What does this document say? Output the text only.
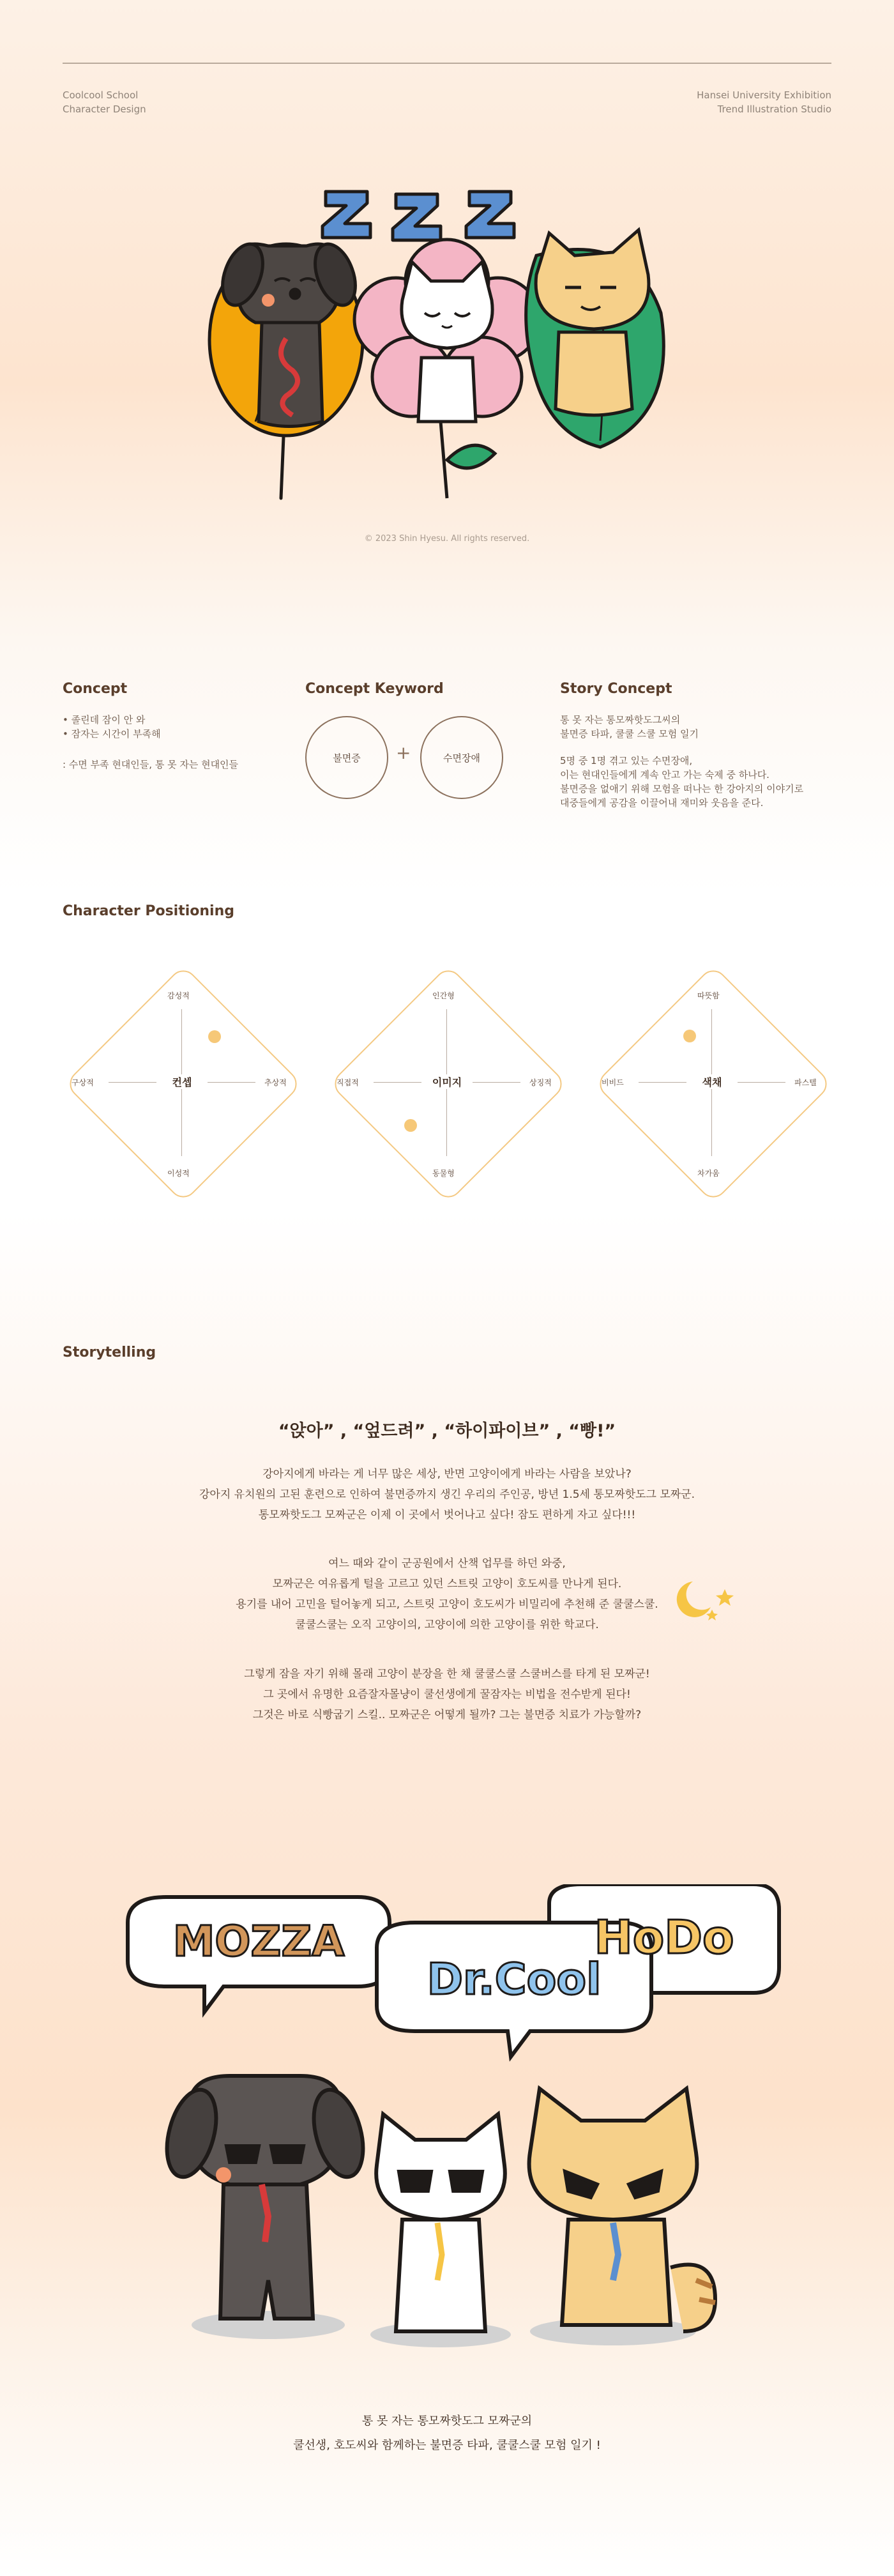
Coolcool School
Character Design
Hansei University Exhibition
Trend Illustration Studio
© 2023 Shin Hyesu. All rights reserved.
Concept
• 졸린데 잠이 안 와
• 잠자는 시간이 부족해
: 수면 부족 현대인들, 통 못 자는 현대인들
Concept Keyword
불면증	+	수면장애
Story Concept
통 못 자는 통모짜핫도그씨의
불면증 타파, 쿨쿨 스쿨 모험 일기
5명 중 1명 겪고 있는 수면장애,
이는 현대인들에게 계속 안고 가는 숙제 중 하나다.
불면증을 없애기 위해 모험을 떠나는 한 강아지의 이야기로
대중들에게 공감을 이끌어내 재미와 웃음을 준다.
Character Positioning
감성적
이성적
구상적	추상적
컨셉
인간형
동물형
직접적	상징적
이미지
따뜻함
차가움
비비드	파스텔
색채
Storytelling
“앉아” , “엎드려” , “하이파이브” , “빵!”
강아지에게 바라는 게 너무 많은 세상, 반면 고양이에게 바라는 사람을 보았나?
강아지 유치원의 고된 훈련으로 인하여 불면증까지 생긴 우리의 주인공, 방년 1.5세 통모짜핫도그 모짜군.
통모짜핫도그 모짜군은 이제 이 곳에서 벗어나고 싶다! 잠도 편하게 자고 싶다!!!
여느 때와 같이 군공원에서 산책 업무를 하던 와중,
모짜군은 여유롭게 털을 고르고 있던 스트릿 고양이 호도씨를 만나게 된다.
용기를 내어 고민을 털어놓게 되고, 스트릿 고양이 호도씨가 비밀리에 추천해 준 쿨쿨스쿨.
쿨쿨스쿨는 오직 고양이의, 고양이에 의한 고양이를 위한 학교다.
그렇게 잠을 자기 위해 몰래 고양이 분장을 한 채 쿨쿨스쿨 스쿨버스를 타게 된 모짜군!
그 곳에서 유명한 요즘잘자몰냥이 쿨선생에게 꿀잠자는 비법을 전수받게 된다!
그것은 바로 식빵굽기 스킬.. 모짜군은 어떻게 될까? 그는 불면증 치료가 가능할까?
MOZZA	HoDo
Dr.Cool
통 못 자는 통모짜핫도그 모짜군의
쿨선생, 호도씨와 함께하는 불면증 타파, 쿨쿨스쿨 모험 일기 !
